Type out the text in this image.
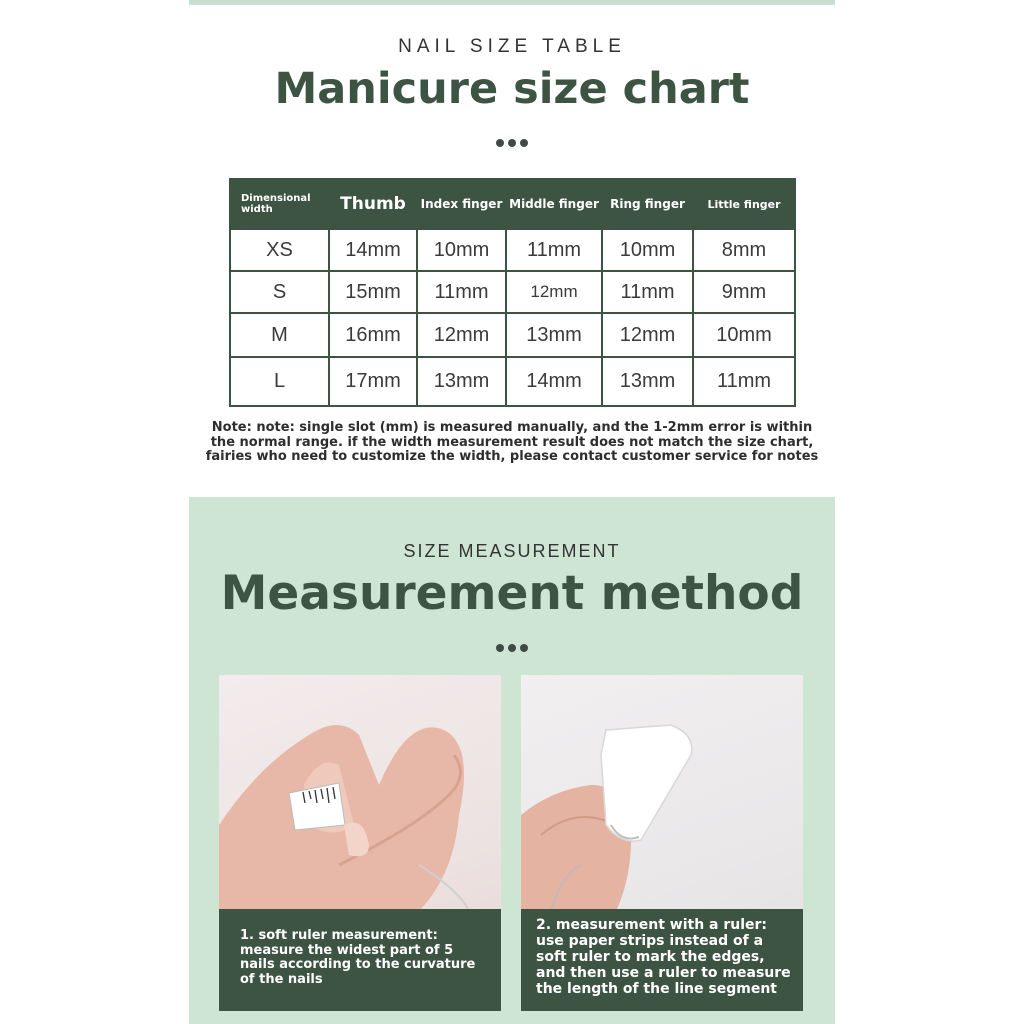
NAIL SIZE TABLE
Manicure size chart
Dimensional width	Thumb	Index finger	Middle finger	Ring finger	Little finger
XS	14mm	10mm	11mm	10mm	8mm
S	15mm	11mm	12mm	11mm	9mm
M	16mm	12mm	13mm	12mm	10mm
L	17mm	13mm	14mm	13mm	11mm
Note: note: single slot (mm) is measured manually, and the 1-2mm error is within the normal range. if the width measurement result does not match the size chart, fairies who need to customize the width, please contact customer service for notes
SIZE MEASUREMENT
Measurement method
1. soft ruler measurement: measure the widest part of 5 nails according to the curvature of the nails
2. measurement with a ruler: use paper strips instead of a soft ruler to mark the edges, and then use a ruler to measure the length of the line segment
